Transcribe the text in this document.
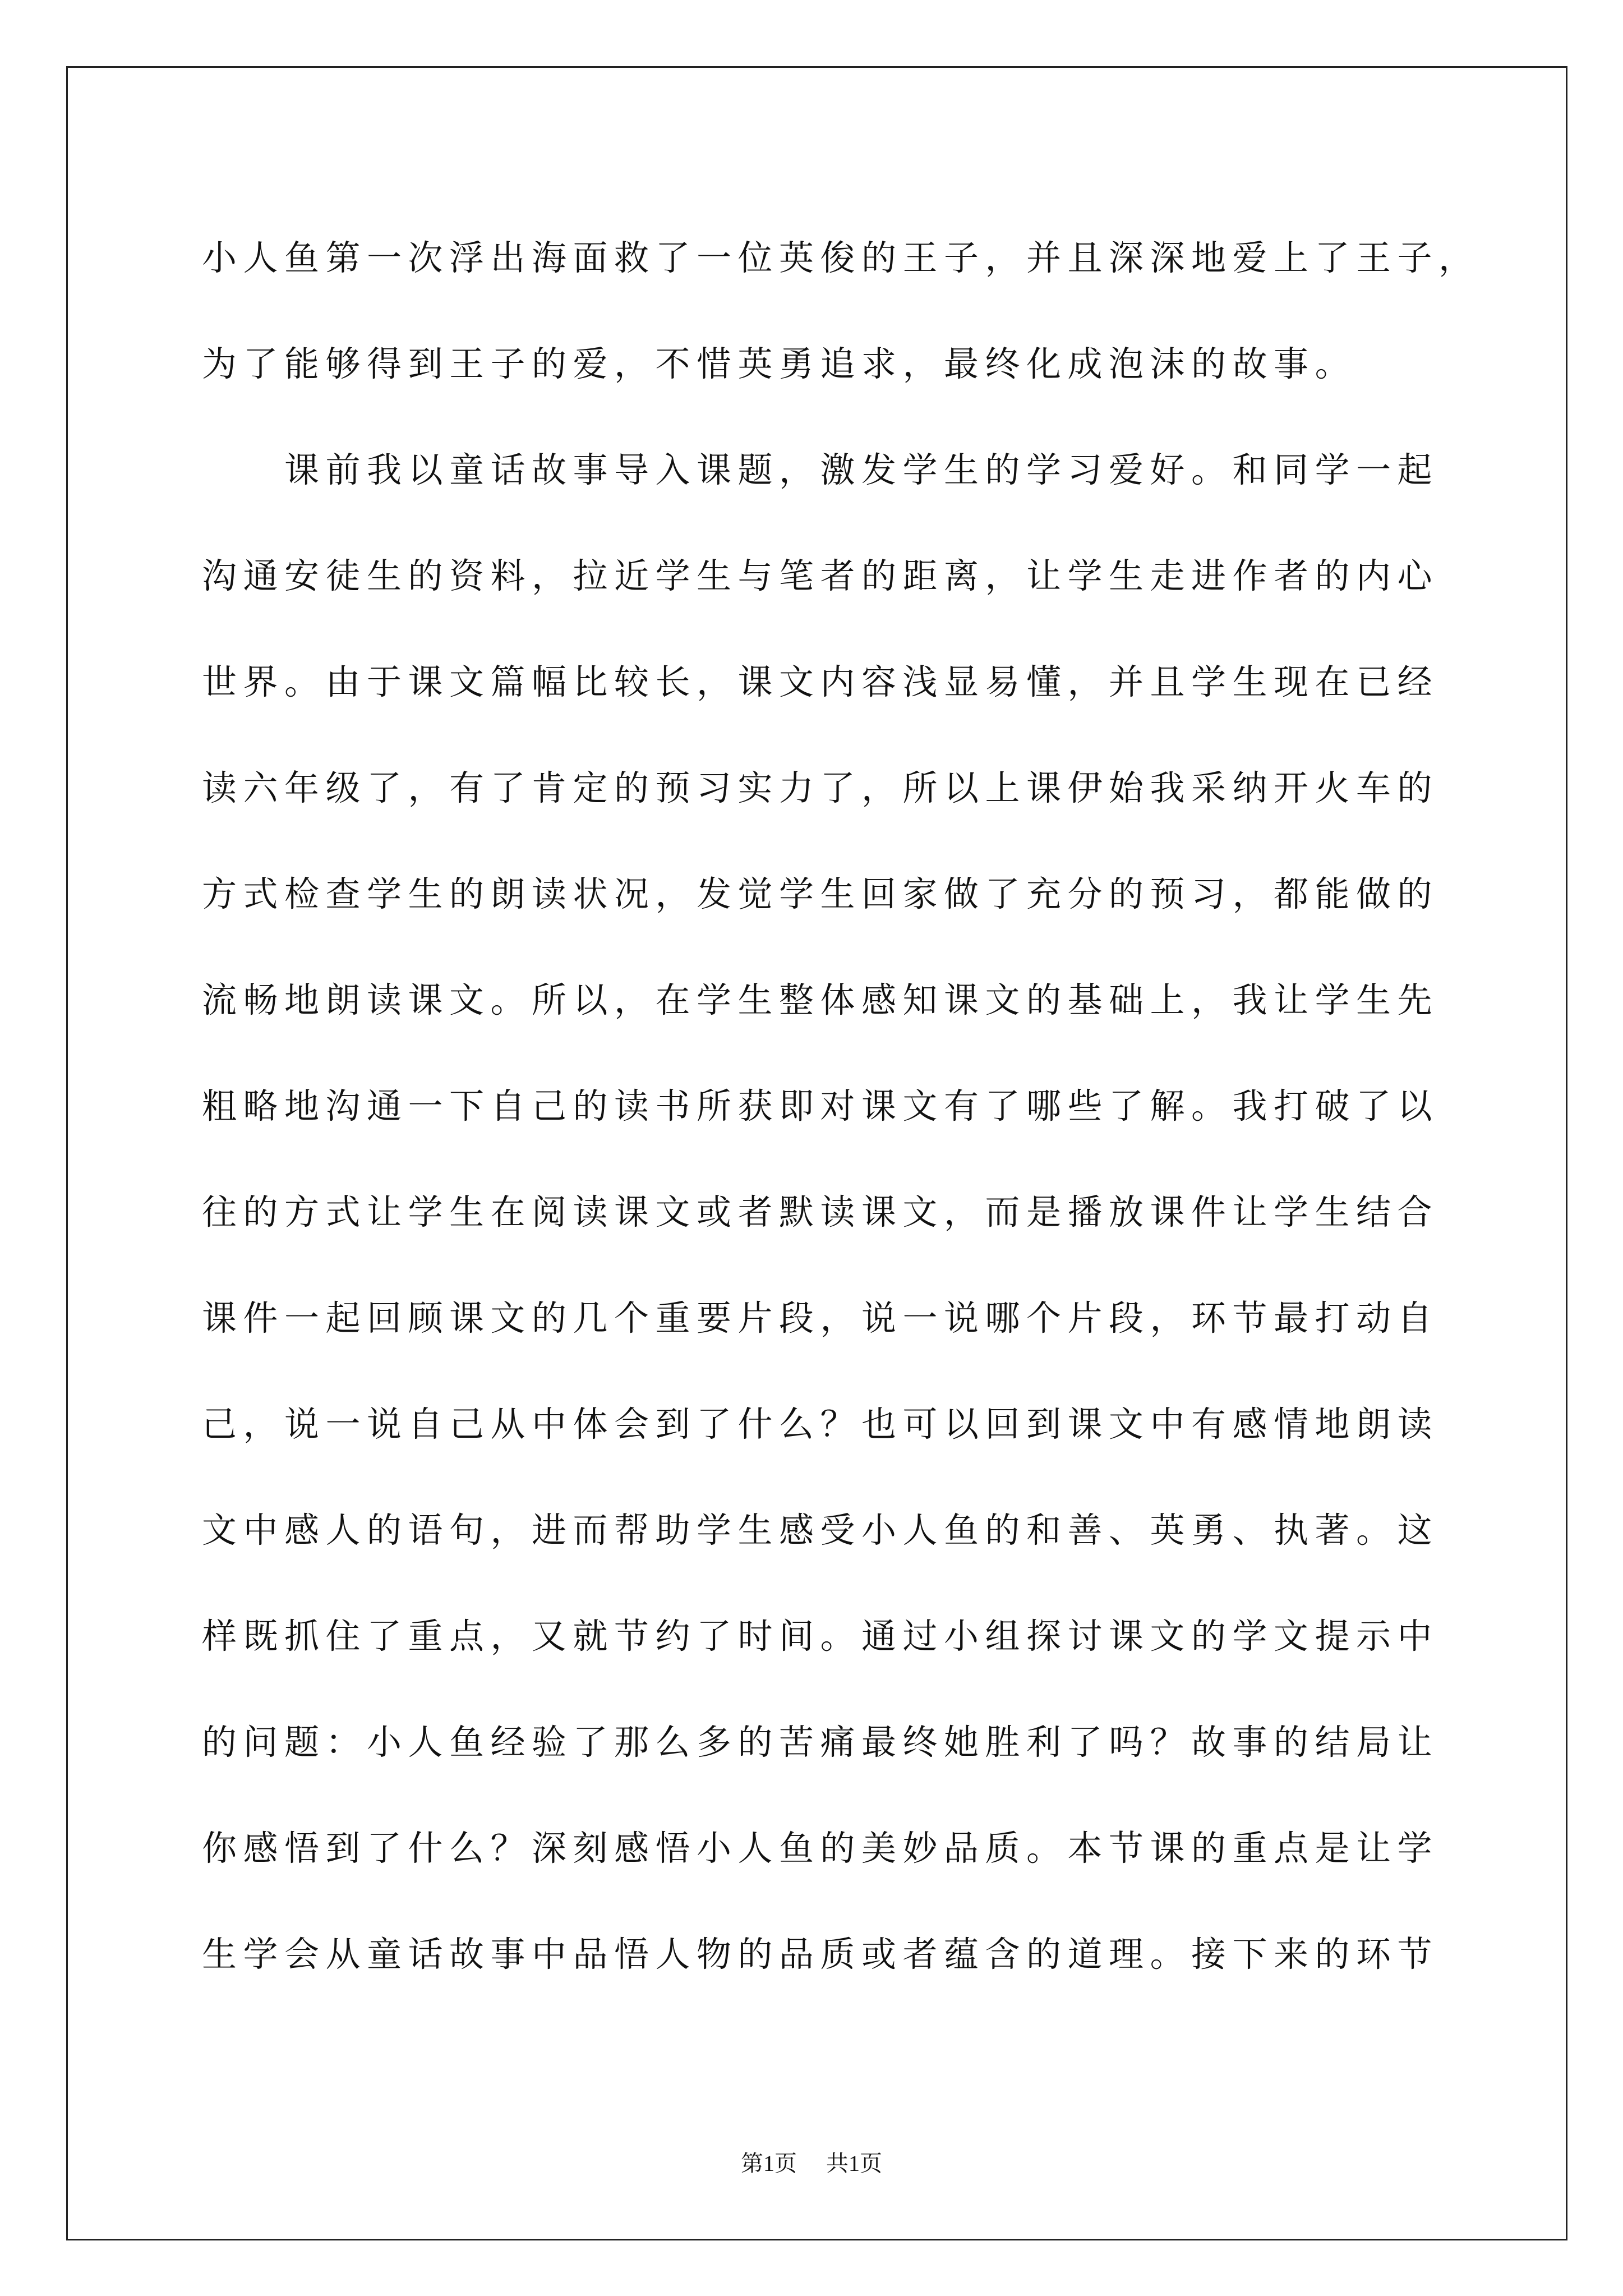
小人鱼第一次浮出海面救了一位英俊的王子，并且深深地爱上了王子，
为了能够得到王子的爱，不惜英勇追求，最终化成泡沫的故事。
课前我以童话故事导入课题，激发学生的学习爱好。和同学一起
沟通安徒生的资料，拉近学生与笔者的距离，让学生走进作者的内心
世界。由于课文篇幅比较长，课文内容浅显易懂，并且学生现在已经
读六年级了，有了肯定的预习实力了，所以上课伊始我采纳开火车的
方式检查学生的朗读状况，发觉学生回家做了充分的预习，都能做的
流畅地朗读课文。所以，在学生整体感知课文的基础上，我让学生先
粗略地沟通一下自己的读书所获即对课文有了哪些了解。我打破了以
往的方式让学生在阅读课文或者默读课文，而是播放课件让学生结合
课件一起回顾课文的几个重要片段，说一说哪个片段，环节最打动自
己，说一说自己从中体会到了什么？也可以回到课文中有感情地朗读
文中感人的语句，进而帮助学生感受小人鱼的和善、英勇、执著。这
样既抓住了重点，又就节约了时间。通过小组探讨课文的学文提示中
的问题：小人鱼经验了那么多的苦痛最终她胜利了吗？故事的结局让
你感悟到了什么？深刻感悟小人鱼的美妙品质。本节课的重点是让学
生学会从童话故事中品悟人物的品质或者蕴含的道理。接下来的环节
第1页 共1页
